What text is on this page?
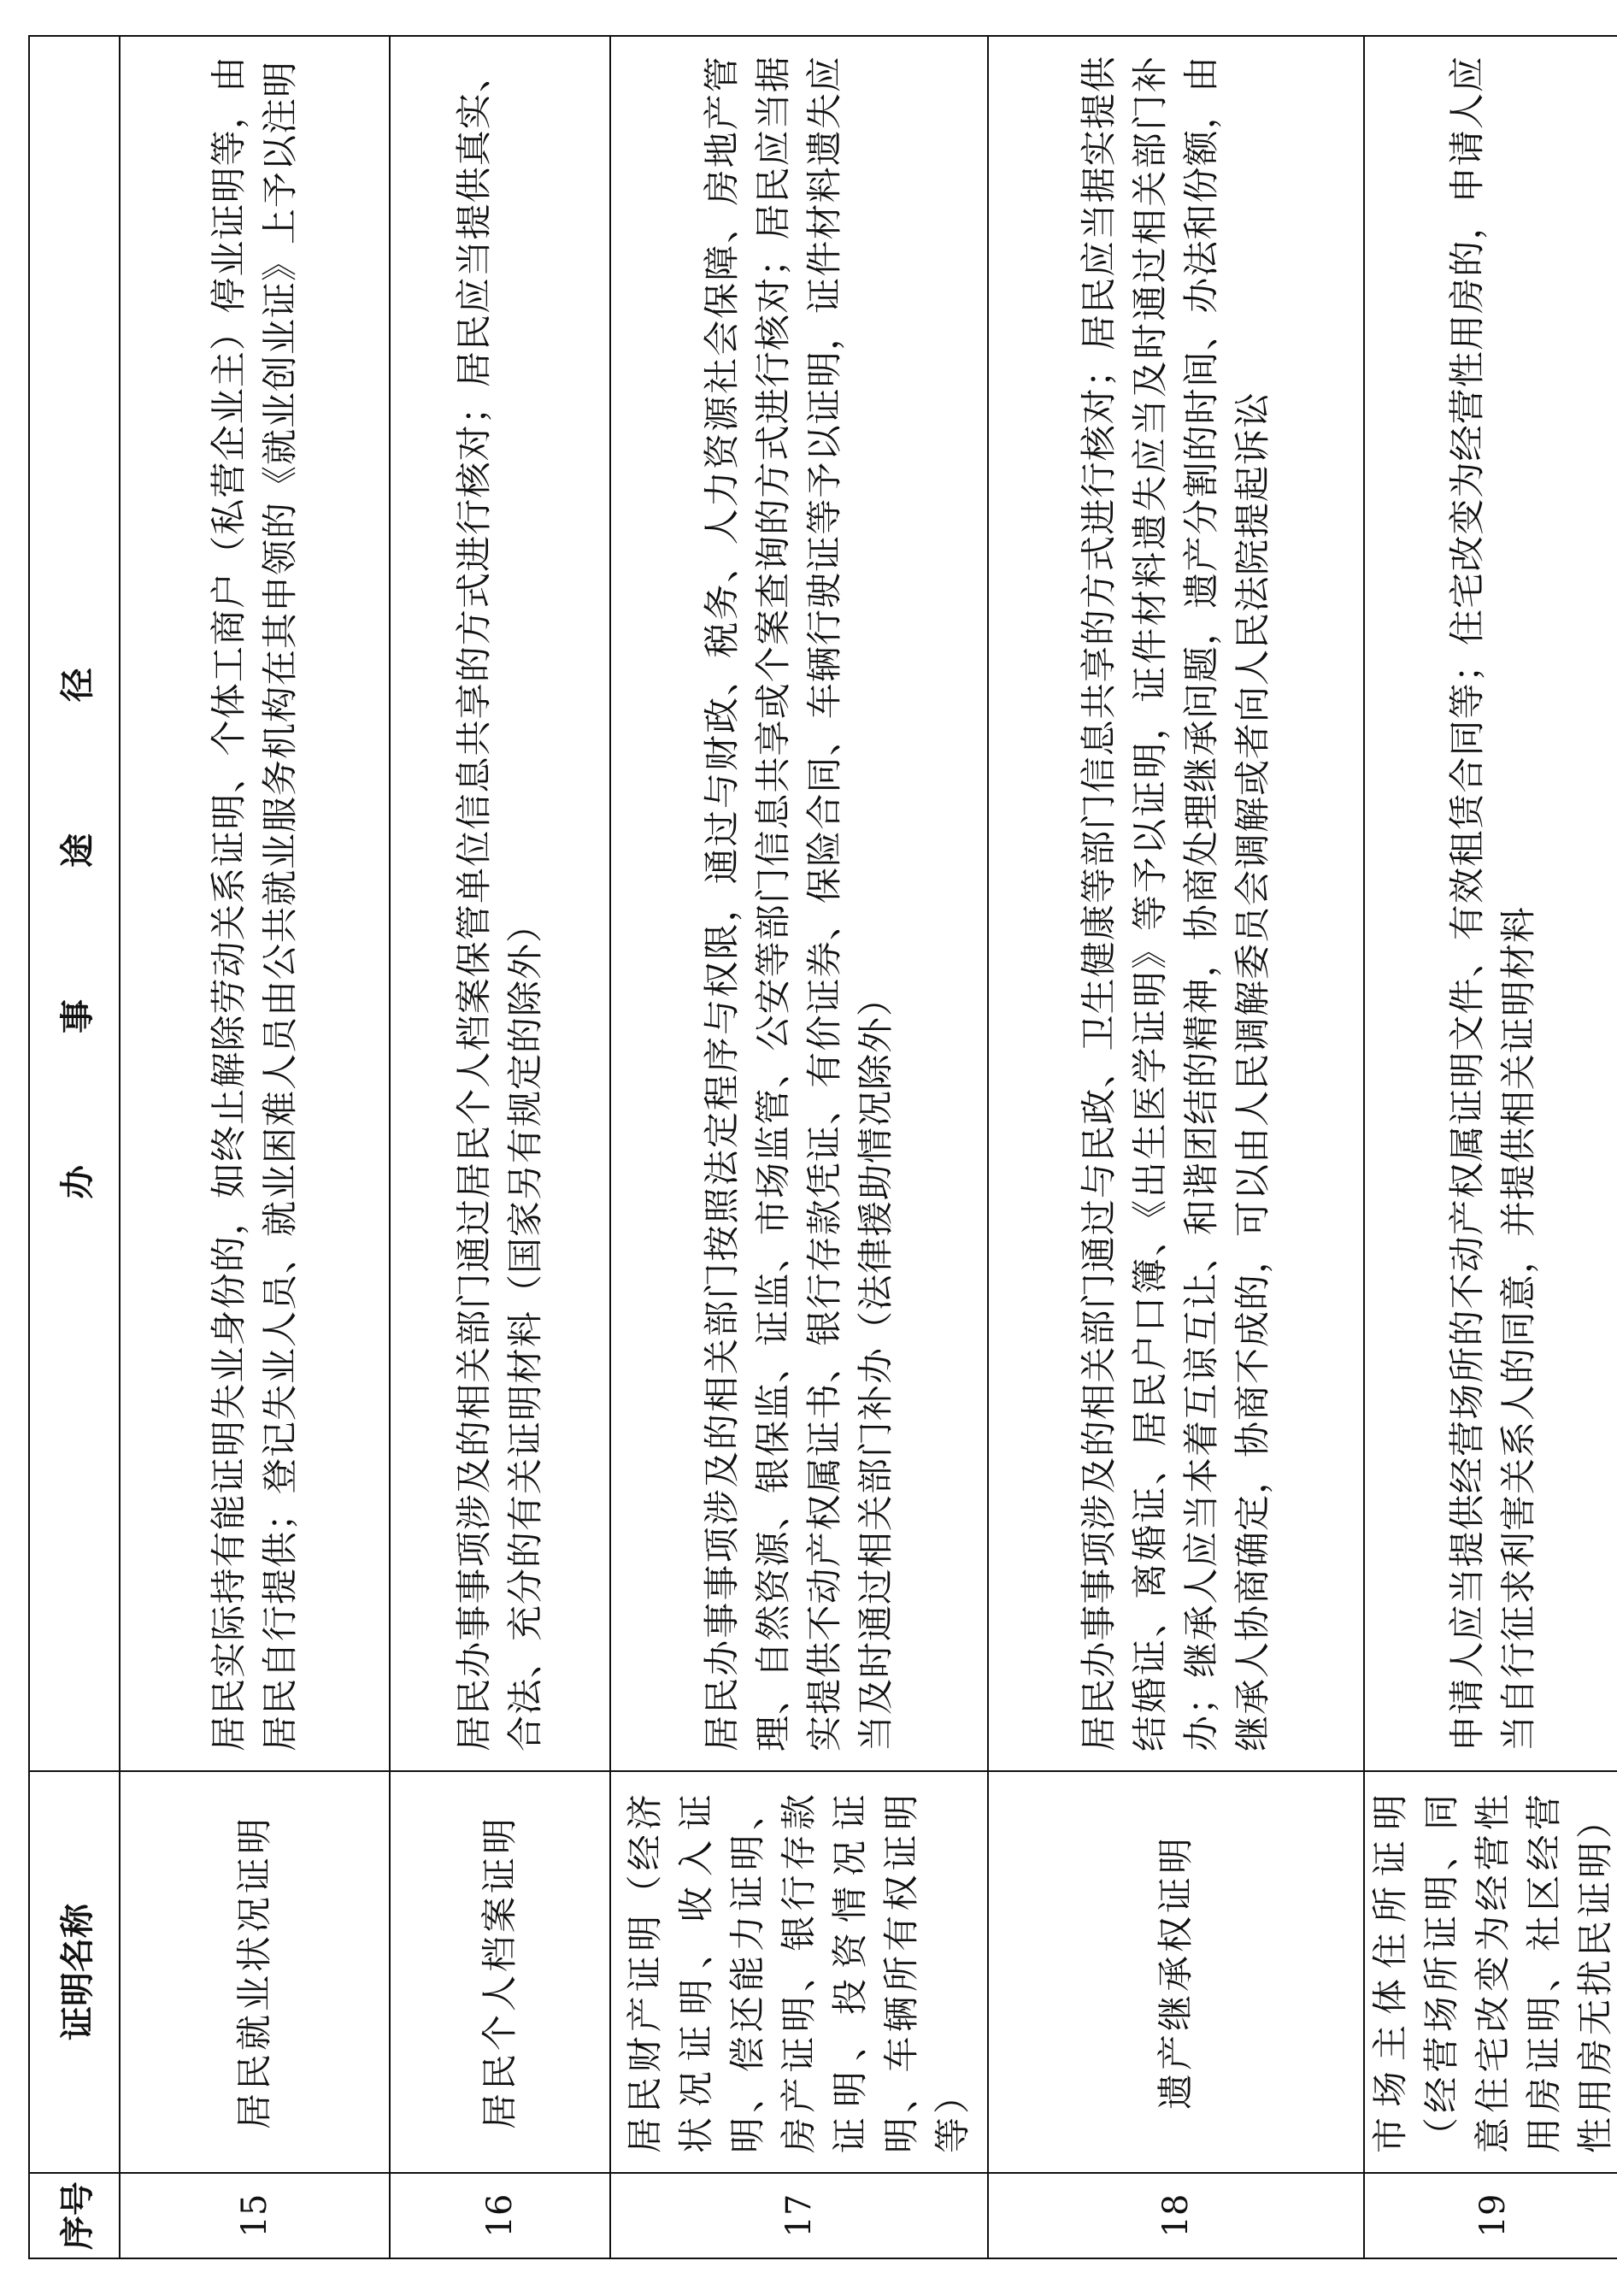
序号	证明名称	办 事 途 径
15	居民就业状况证明	居民实际持有能证明失业身份的，如终止解除劳动关系证明、个体工商户（私营企业主）停业证明等，由居民自行提供；登记失业人员、就业困难人员由公共就业服务机构在其申领的《就业创业证》上予以注明
16	居民个人档案证明	居民办事事项涉及的相关部门通过居民个人档案保管单位信息共享的方式进行核对；居民应当提供真实、合法、充分的有关证明材料（国家另有规定的除外）
17	居民财产证明（经济状况证明、收入证明、偿还能力证明、房产证明、银行存款证明、投资情况证明、车辆所有权证明等）	居民办事事项涉及的相关部门按照法定程序与权限，通过与财政、税务、人力资源社会保障、房地产管理、自然资源、银保监、证监、市场监管、公安等部门信息共享或个案查询的方式进行核对；居民应当据实提供不动产权属证书、银行存款凭证、有价证券、保险合同、车辆行驶证等予以证明，证件材料遗失应当及时通过相关部门补办（法律援助情况除外）
18	遗产继承权证明	居民办事事项涉及的相关部门通过与民政、卫生健康等部门信息共享的方式进行核对；居民应当据实提供结婚证、离婚证、居民户口簿、《出生医学证明》等予以证明，证件材料遗失应当及时通过相关部门补办；继承人应当本着互谅互让、和谐团结的精神，协商处理继承问题，遗产分割的时间、办法和份额，由继承人协商确定，协商不成的，可以由人民调解委员会调解或者向人民法院提起诉讼
19	市场主体住所证明（经营场所证明、同意住宅改变为经营性用房证明、社区经营性用房无扰民证明）	申请人应当提供经营场所的不动产权属证明文件、有效租赁合同等；住宅改变为经营性用房的，申请人应当自行征求利害关系人的同意，并提供相关证明材料
